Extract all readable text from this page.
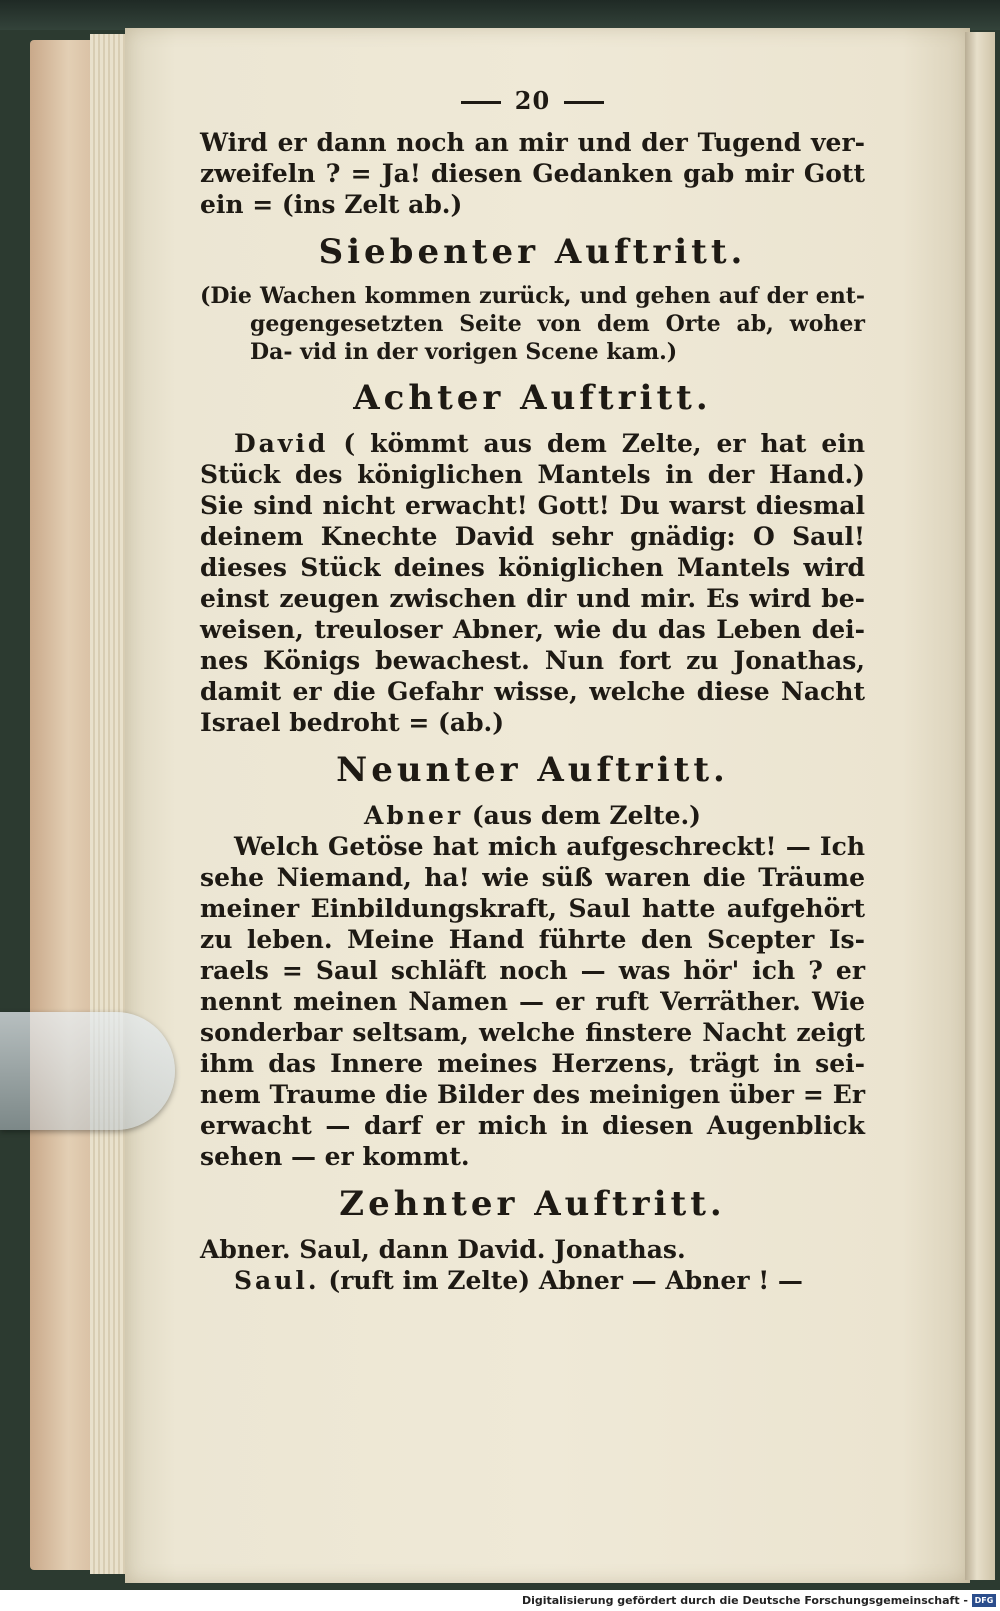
20

Wird er dann noch an mir und der Tugend ver- zweifeln ? = Ja! diesen Gedanken gab mir Gott ein = (ins Zelt ab.)

Siebenter Auftritt.

(Die Wachen kommen zurück, und gehen auf der ent- gegengesetzten Seite von dem Orte ab, woher Da- vid in der vorigen Scene kam.)

Achter Auftritt.

David ( kömmt aus dem Zelte, er hat ein Stück des königlichen Mantels in der Hand.) Sie sind nicht erwacht! Gott! Du warst diesmal deinem Knechte David sehr gnädig: O Saul! dieses Stück deines königlichen Mantels wird einst zeugen zwischen dir und mir. Es wird be- weisen, treuloser Abner, wie du das Leben dei- nes Königs bewachest. Nun fort zu Jonathas, damit er die Gefahr wisse, welche diese Nacht Israel bedroht = (ab.)

Neunter Auftritt.

Abner (aus dem Zelte.)

Welch Getöse hat mich aufgeschreckt! — Ich sehe Niemand, ha! wie süß waren die Träume meiner Einbildungskraft, Saul hatte aufgehört zu leben. Meine Hand führte den Scepter Is- raels = Saul schläft noch — was hör' ich ? er nennt meinen Namen — er ruft Verräther. Wie sonderbar seltsam, welche finstere Nacht zeigt ihm das Innere meines Herzens, trägt in sei- nem Traume die Bilder des meinigen über = Er erwacht — darf er mich in diesen Augenblick sehen — er kommt.

Zehnter Auftritt.

Abner. Saul, dann David. Jonathas.

Saul. (ruft im Zelte) Abner — Abner ! —

Digitalisierung gefördert durch die Deutsche Forschungsgemeinschaft - DFG
